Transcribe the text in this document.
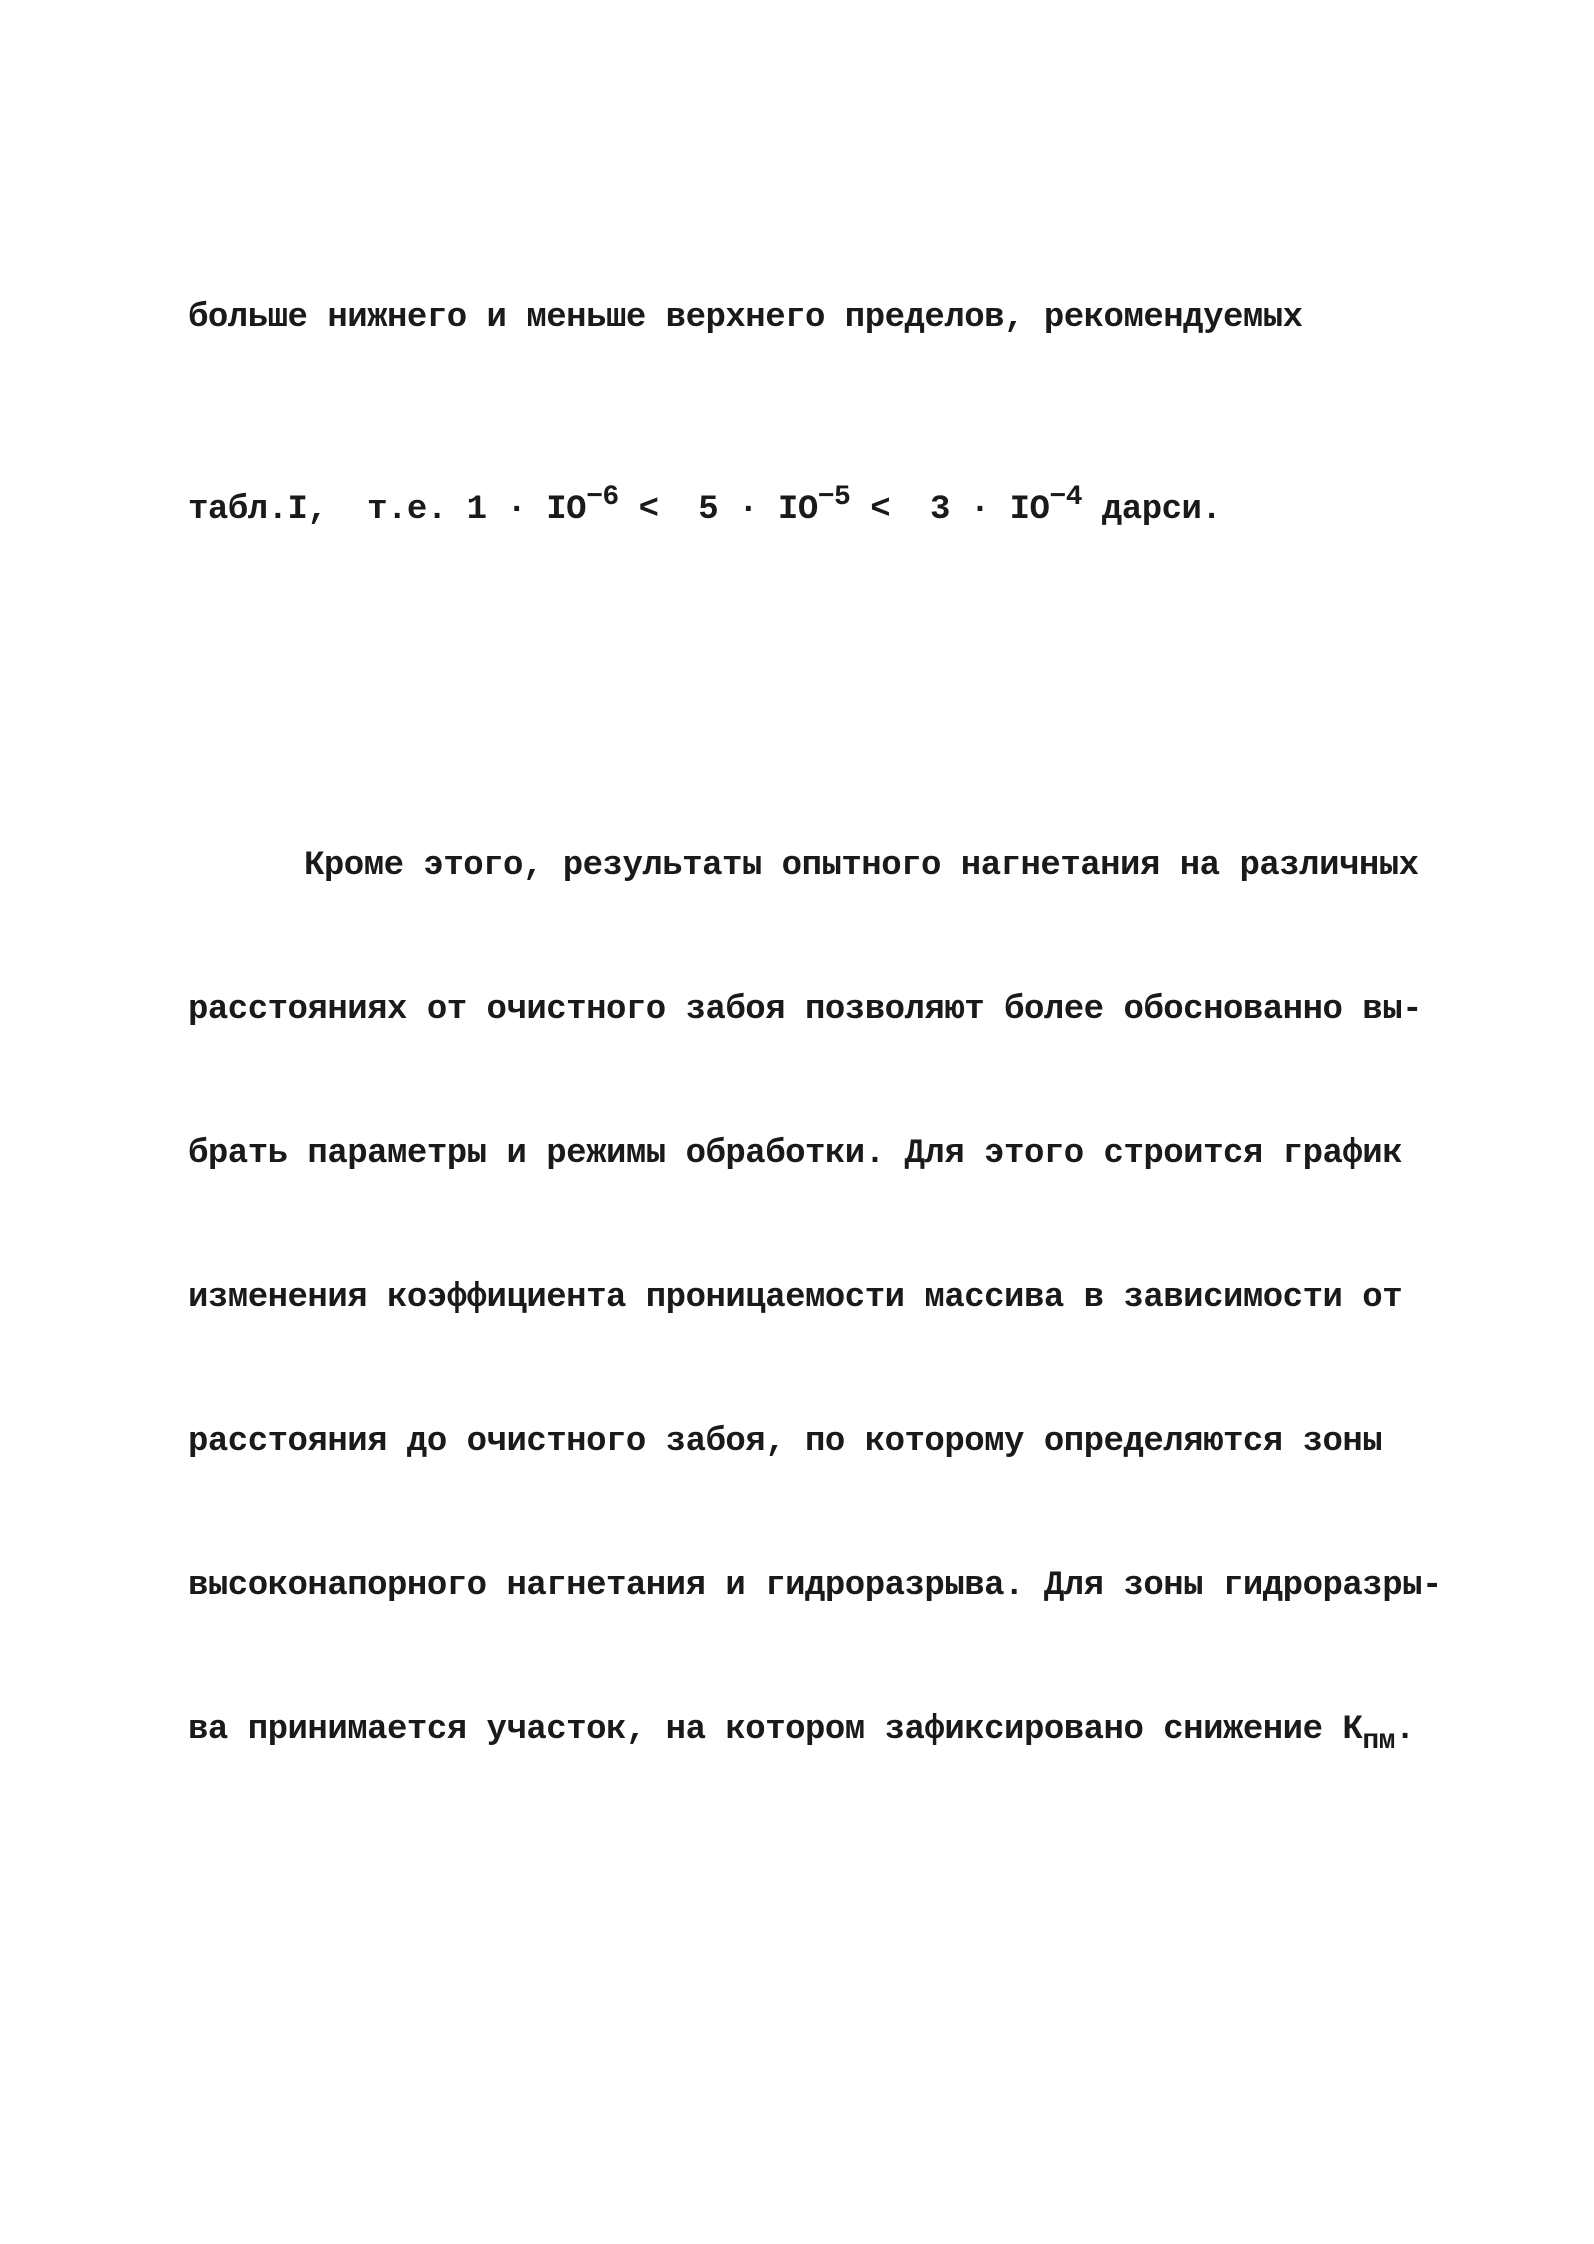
больше нижнего и меньше верхнего пределов, рекомендуемых

табл.I,  т.е. $1 \cdot IO^{-6} < 5 \cdot IO^{-5} < 3 \cdot IO^{-4}$ дарси.

Кроме этого, результаты опытного нагнетания на различных

расстояниях от очистного забоя позволяют более обоснованно вы-

брать параметры и режимы обработки. Для этого строится график

изменения коэффициента проницаемости массива в зависимости от

расстояния до очистного забоя, по которому определяются зоны

высоконапорного нагнетания и гидроразрыва. Для зоны гидроразры-

ва принимается участок, на котором зафиксировано снижение $К_{пм}$.
